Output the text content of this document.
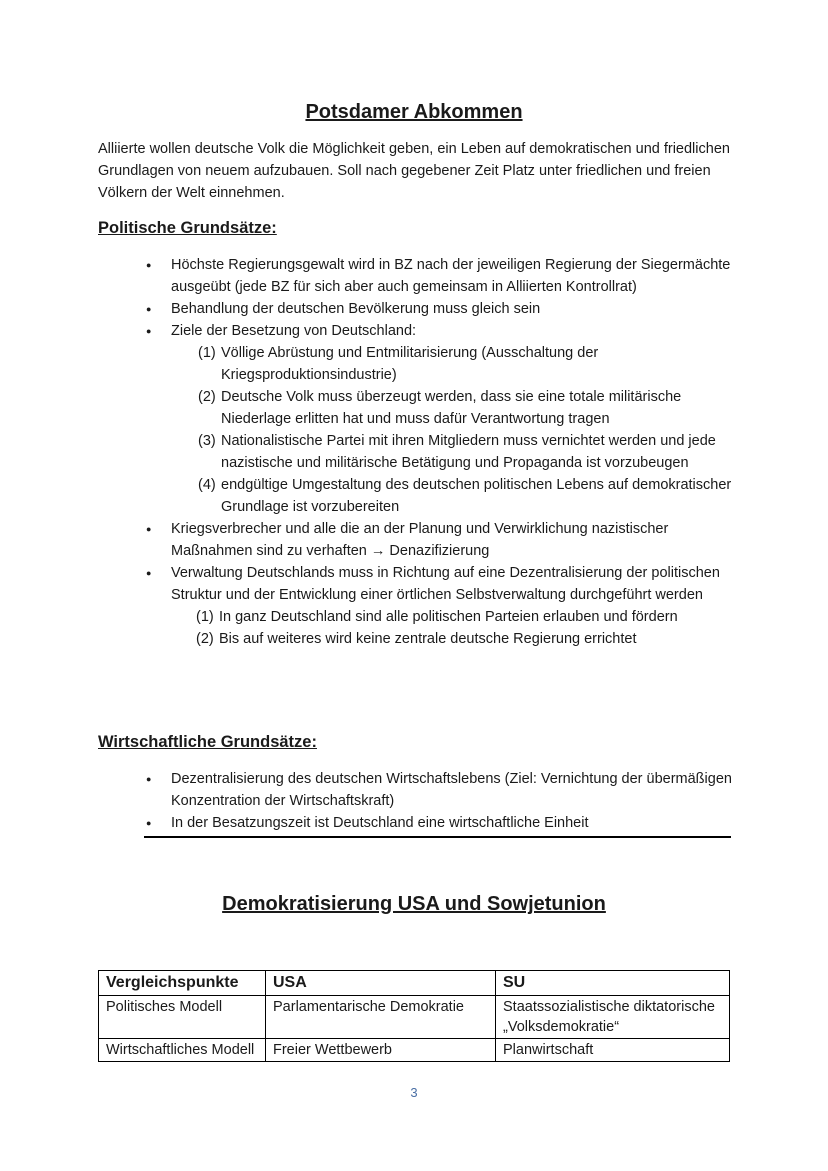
Potsdamer Abkommen

Alliierte wollen deutsche Volk die Möglichkeit geben, ein Leben auf demokratischen und friedlichen Grundlagen von neuem aufzubauen. Soll nach gegebener Zeit Platz unter friedlichen und freien Völkern der Welt einnehmen.

Politische Grundsätze:
● Höchste Regierungsgewalt wird in BZ nach der jeweiligen Regierung der Siegermächte ausgeübt (jede BZ für sich aber auch gemeinsam in Alliierten Kontrollrat)
● Behandlung der deutschen Bevölkerung muss gleich sein
● Ziele der Besetzung von Deutschland:
(1) Völlige Abrüstung und Entmilitarisierung (Ausschaltung der Kriegsproduktionsindustrie)
(2) Deutsche Volk muss überzeugt werden, dass sie eine totale militärische Niederlage erlitten hat und muss dafür Verantwortung tragen
(3) Nationalistische Partei mit ihren Mitgliedern muss vernichtet werden und jede nazistische und militärische Betätigung und Propaganda ist vorzubeugen
(4) endgültige Umgestaltung des deutschen politischen Lebens auf demokratischer Grundlage ist vorzubereiten
● Kriegsverbrecher und alle die an der Planung und Verwirklichung nazistischer Maßnahmen sind zu verhaften → Denazifizierung
● Verwaltung Deutschlands muss in Richtung auf eine Dezentralisierung der politischen Struktur und der Entwicklung einer örtlichen Selbstverwaltung durchgeführt werden
(1) In ganz Deutschland sind alle politischen Parteien erlauben und fördern
(2) Bis auf weiteres wird keine zentrale deutsche Regierung errichtet
Wirtschaftliche Grundsätze:
● Dezentralisierung des deutschen Wirtschaftslebens (Ziel: Vernichtung der übermäßigen Konzentration der Wirtschaftskraft)
● In der Besatzungszeit ist Deutschland eine wirtschaftliche Einheit
Demokratisierung USA und Sowjetunion
Vergleichspunkte	USA	SU
Politisches Modell	Parlamentarische Demokratie	Staatssozialistische diktatorische „Volksdemokratie“
Wirtschaftliches Modell	Freier Wettbewerb	Planwirtschaft
3
